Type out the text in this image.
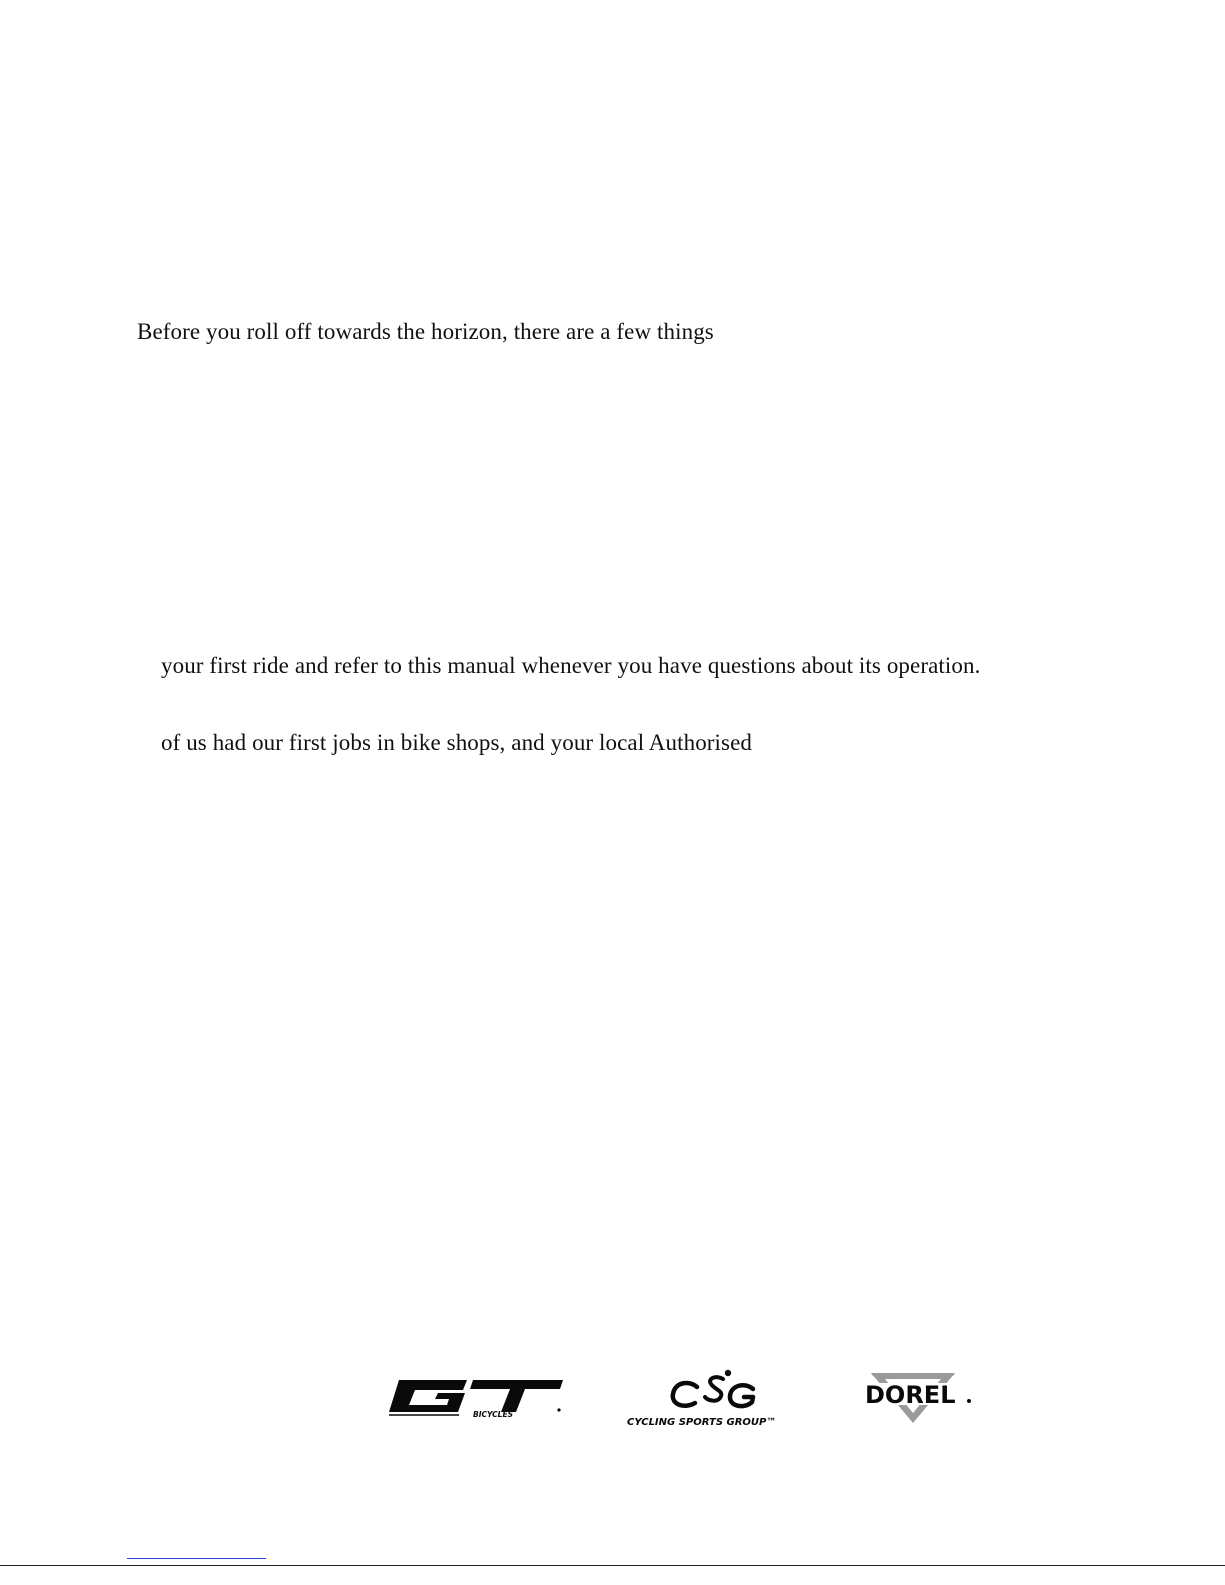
Before you roll off towards the horizon, there are a few things
your first ride and refer to this manual whenever you have questions about its operation.
of us had our first jobs in bike shops, and your local Authorised
BICYCLES
CYCLING SPORTS GROUP™
DOREL
